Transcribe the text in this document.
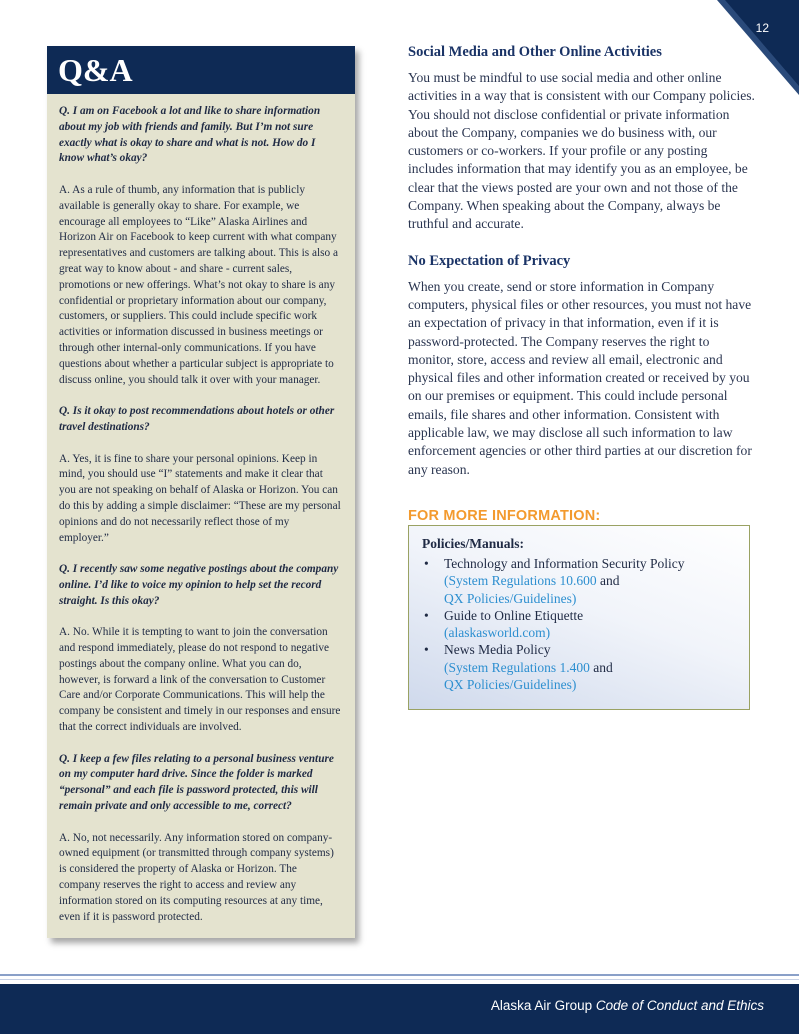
12
Q&A

Q. I am on Facebook a lot and like to share information about my job with friends and family. But I’m not sure exactly what is okay to share and what is not. How do I know what’s okay?

A. As a rule of thumb, any information that is publicly available is generally okay to share. For example, we encourage all employees to “Like” Alaska Airlines and Horizon Air on Facebook to keep current with what company representatives and customers are talking about. This is also a great way to know about - and share - current sales, promotions or new offerings. What’s not okay to share is any confidential or proprietary information about our company, customers, or suppliers. This could include specific work activities or information discussed in business meetings or through other internal-only communications. If you have questions about whether a particular subject is appropriate to discuss online, you should talk it over with your manager.

Q. Is it okay to post recommendations about hotels or other travel destinations?

A. Yes, it is fine to share your personal opinions. Keep in mind, you should use “I” statements and make it clear that you are not speaking on behalf of Alaska or Horizon. You can do this by adding a simple disclaimer: “These are my personal opinions and do not necessarily reflect those of my employer.”

Q. I recently saw some negative postings about the company online. I’d like to voice my opinion to help set the record straight. Is this okay?

A. No. While it is tempting to want to join the conversation and respond immediately, please do not respond to negative postings about the company online. What you can do, however, is forward a link of the conversation to Customer Care and/or Corporate Communications. This will help the company be consistent and timely in our responses and ensure that the correct individuals are involved.

Q. I keep a few files relating to a personal business venture on my computer hard drive. Since the folder is marked “personal” and each file is password protected, this will remain private and only accessible to me, correct?

A. No, not necessarily. Any information stored on company-owned equipment (or transmitted through company systems) is considered the property of Alaska or Horizon. The company reserves the right to access and review any information stored on its computing resources at any time, even if it is password protected.

Social Media and Other Online Activities

You must be mindful to use social media and other online activities in a way that is consistent with our Company policies. You should not disclose confidential or private information about the Company, companies we do business with, our customers or co-workers. If your profile or any posting includes information that may identify you as an employee, be clear that the views posted are your own and not those of the Company. When speaking about the Company, always be truthful and accurate.

No Expectation of Privacy

When you create, send or store information in Company computers, physical files or other resources, you must not have an expectation of privacy in that information, even if it is password-protected. The Company reserves the right to monitor, store, access and review all email, electronic and physical files and other information created or received by you on our premises or equipment. This could include personal emails, file shares and other information. Consistent with applicable law, we may disclose all such information to law enforcement agencies or other third parties at our discretion for any reason.

FOR MORE INFORMATION:

Policies/Manuals:

• Technology and Information Security Policy
(System Regulations 10.600 and
QX Policies/Guidelines)
• Guide to Online Etiquette
(alaskasworld.com)
• News Media Policy
(System Regulations 1.400 and
QX Policies/Guidelines)
Alaska Air Group Code of Conduct and Ethics
